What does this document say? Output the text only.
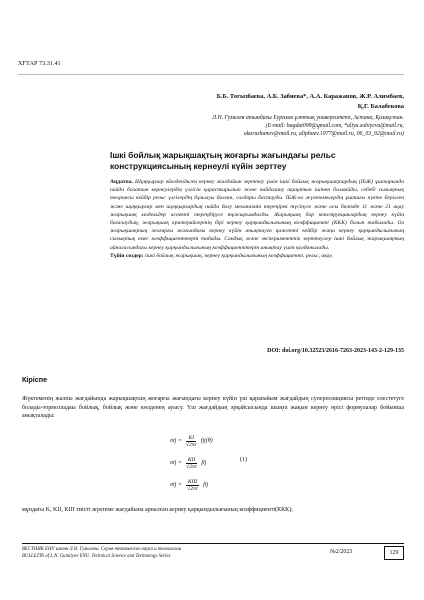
ХҒТАР 73.31.41
Б.Б. Тогызбаева, А.Б. Забиева*, А.А. Каражанов, Ж.Р. Алимбаев,
Қ.Г. Балабекова
Л.Н. Гумилев атындағы Еуразия ұлттық университеті, Астана, Қазақстан.
(E-mail: bagdat099@gmail.com, *aliya.zabiyeva@mail.ru,
akarazhanov@mail.ru, alipbaev.1977@mail.ru, 06_03_92@mail.ru)
Ішкі бойлық жарықшақтың жоғарғы жағындағы рельс
конструкциясының кернеулі күйін зерттеу
Аңдатпа. Шұңқырлар әйелдендиген кернеу жағдайын зерттеу үшін ішкі бойлық жарықшақтардың (ІБЖ) ұштарында пайда болатын кернеулердің үлгісін қарастырылып және пайдалану ақиқатын ішінен болмайды, себебі сызықтық теориясы кейбір рельс үлгілердің бұзылуы болған, салдары бастауды. ІБЖ-ға жүктемелердің ұштағы нүкте берілген және шұңқырлар мен шұңқырлардың пайда болу механизмін тереңірек түсінуге және осы бөлімде 11 және 21 ақау жарықшақ модельдер аспекті тереңдіруге тұжырымдалды. Жарықшақ бар конструкциялардың кернеу күйін бағалаудың, жарықшақ критерийлерінің бірі кернеу қарқындылығының коэффициенті (ККК) болып табылады. Ол жарықшақтың жоғарғы жағындағы кернеу күйін анықтауға қажетті кейбір жаңа кернеу қарқындылығының сызықтық емес коэффициенттерін табады. Сандық және эксперименттік зерттеулер ішкі бойлық жарықшақтың айналасындағы кернеу қарқындылығының коэффициенттерін анықтау үшін қолданылады.
Түйін сөздер: ішкі бойлық жарықшақ, кернеу қарқындылығының коэффициенті, рельс, ақау.
DOI: doi.org/10.32523/2616-7263-2023-143-2-129-135
Кіріспе
Жүктеменің жалпы жағдайында жарықшақтың жоғарғы жағындағы кернеу күйін үш қарапайым жағдайдың суперпозициясы ретінде елестетуге болады-тормозладаы бойлық, бойлық және көлденең ауысу. Үш жағдайдың әрқайсысында шыңға жақын кернеу өрісі формулалар бойынша анықталады:
$\sigma ij = \frac{KI}{√2\pi r} fij(\theta)$
$\sigma ij = \frac{\text{KII}}{√2\pi r}$ fij
$\sigma ij = \frac{\text{KIII}}{√2\pi r}$ fij
(1)
мұндағы K, KII, KIII тиісті жүктеме жағдайына арналған кернеу қарқындылығының коэффициенті(ККК);
ВЕСТНИК ЕНУ имени Л.Н. Гумилева. Серия технические науки и технологии
BULLETIN of L.N. Gumilyov ENU. Technical Science and Technology Series
№2/2023	129
